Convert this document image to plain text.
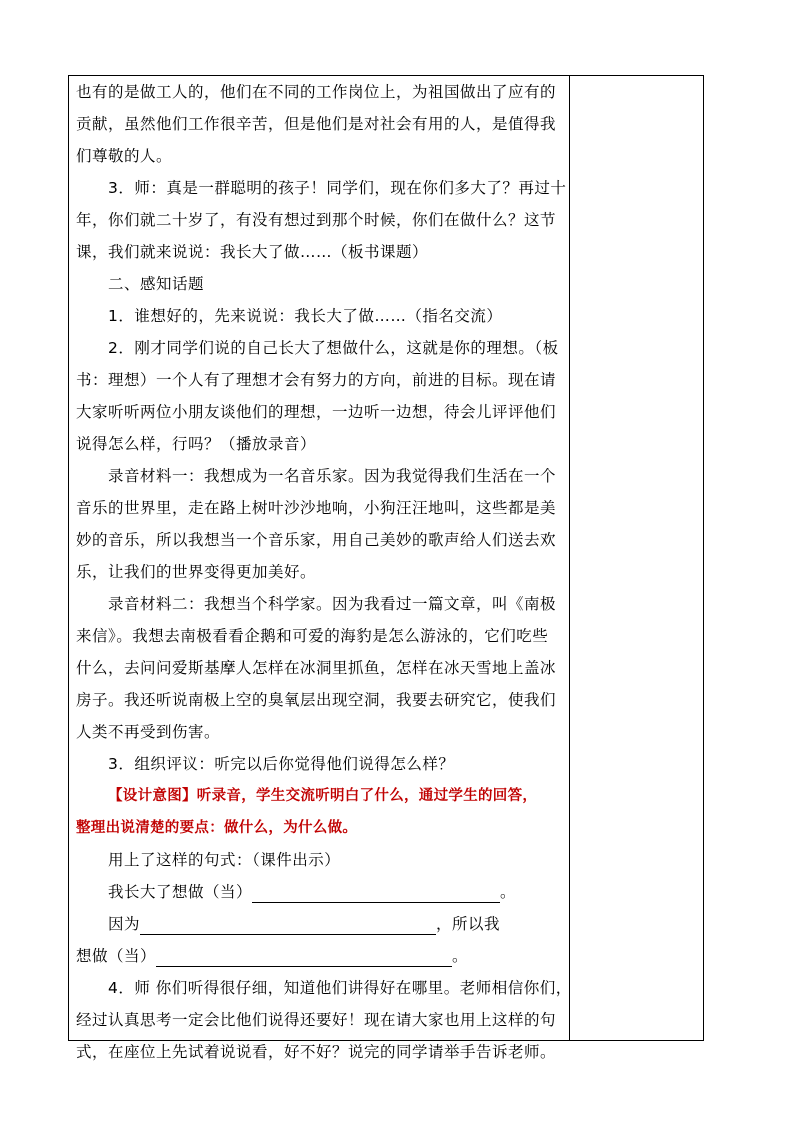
也有的是做工人的，他们在不同的工作岗位上，为祖国做出了应有的
贡献，虽然他们工作很辛苦，但是他们是对社会有用的人，是值得我
们尊敬的人。
3．师：真是一群聪明的孩子！同学们，现在你们多大了？再过十
年，你们就二十岁了，有没有想过到那个时候，你们在做什么？这节
课，我们就来说说：我长大了做……（板书课题）
二、感知话题
1．谁想好的，先来说说：我长大了做……（指名交流）
2．刚才同学们说的自己长大了想做什么，这就是你的理想。（板
书：理想）一个人有了理想才会有努力的方向，前进的目标。现在请
大家听听两位小朋友谈他们的理想，一边听一边想，待会儿评评他们
说得怎么样，行吗？（播放录音）
录音材料一：我想成为一名音乐家。因为我觉得我们生活在一个
音乐的世界里，走在路上树叶沙沙地响，小狗汪汪地叫，这些都是美
妙的音乐，所以我想当一个音乐家，用自己美妙的歌声给人们送去欢
乐，让我们的世界变得更加美好。
录音材料二：我想当个科学家。因为我看过一篇文章，叫《南极
来信》。我想去南极看看企鹅和可爱的海豹是怎么游泳的，它们吃些
什么，去问问爱斯基摩人怎样在冰洞里抓鱼，怎样在冰天雪地上盖冰
房子。我还听说南极上空的臭氧层出现空洞，我要去研究它，使我们
人类不再受到伤害。
3．组织评议：听完以后你觉得他们说得怎么样？
【设计意图】听录音，学生交流听明白了什么，通过学生的回答，
整理出说清楚的要点：做什么，为什么做。
用上了这样的句式：（课件出示）
我长大了想做（当）	。
因为	，所以我
想做（当）	。
4．师 你们听得很仔细，知道他们讲得好在哪里。老师相信你们，
经过认真思考一定会比他们说得还要好！现在请大家也用上这样的句
式，在座位上先试着说说看，好不好？说完的同学请举手告诉老师。
